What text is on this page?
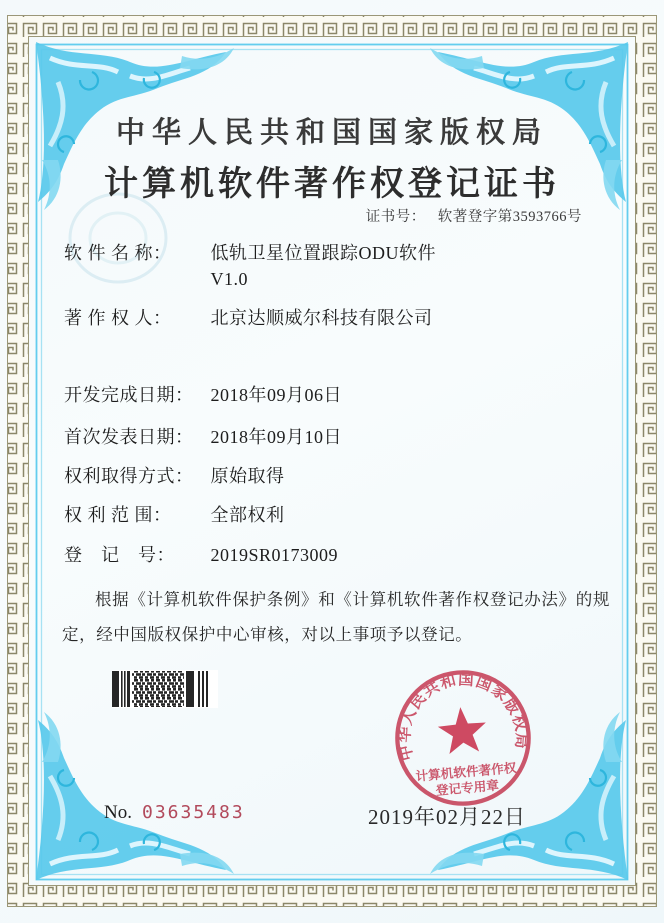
中华人民共和国国家版权局
计算机软件著作权登记证书
证书号： 软著登字第3593766号
软 件 名 称： 低轨卫星位置跟踪ODU软件
V1.0
著 作 权 人： 北京达顺威尔科技有限公司
开发完成日期： 2018年09月06日
首次发表日期： 2018年09月10日
权利取得方式： 原始取得
权 利 范 围： 全部权利
登　记　号： 2019SR0173009
根据《计算机软件保护条例》和《计算机软件著作权登记办法》的规定，经中国版权保护中心审核，对以上事项予以登记。
中华人民共和国国家版权局
计算机软件著作权
登记专用章
2019年02月22日
No. 03635483
